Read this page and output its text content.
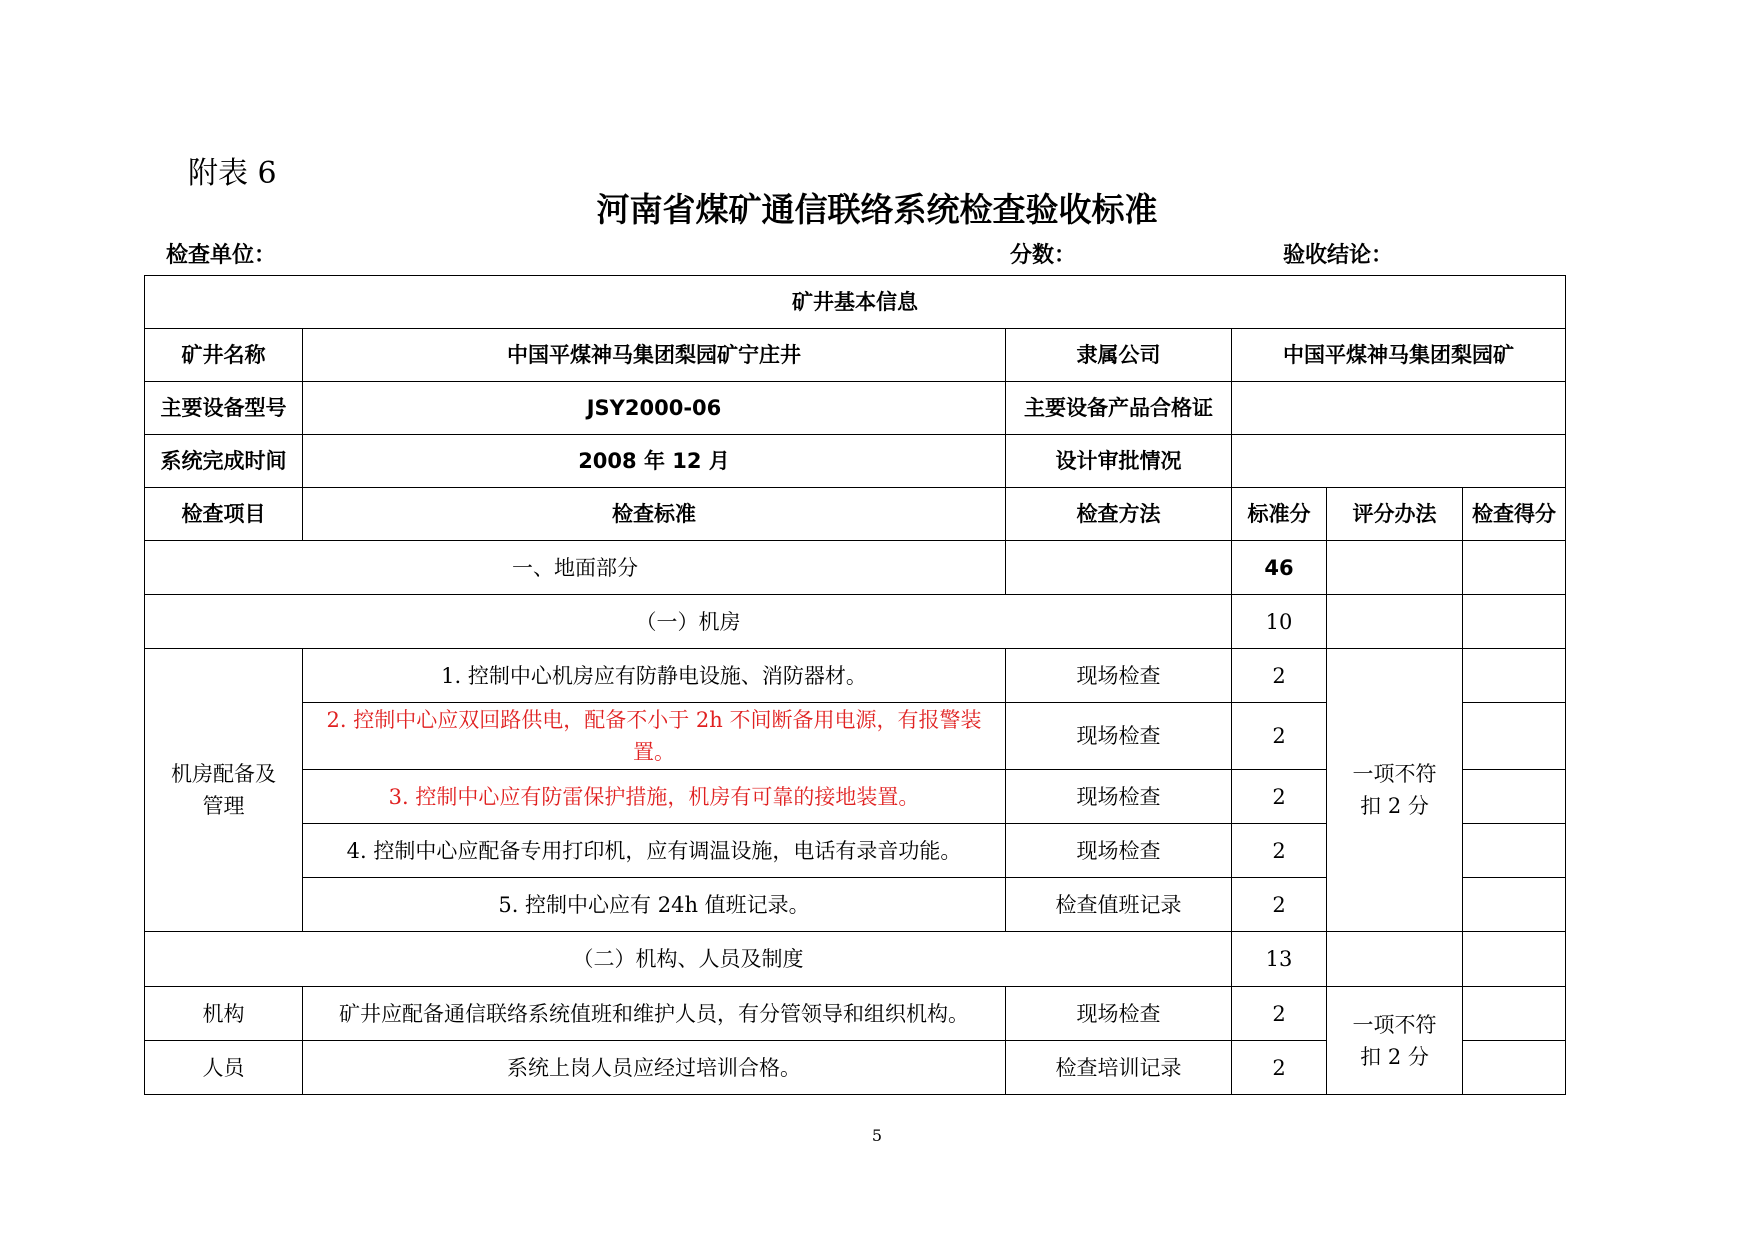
附表 6
河南省煤矿通信联络系统检查验收标准
检查单位：	分数：	验收结论：
矿井基本信息					
矿井名称	中国平煤神马集团梨园矿宁庄井	隶属公司	中国平煤神马集团梨园矿		
主要设备型号	JSY2000-06	主要设备产品合格证			
系统完成时间	2008 年 12 月	设计审批情况			
检查项目	检查标准	检查方法	标准分	评分办法	检查得分
一、地面部分			46		
（一）机房			10		
机房配备及管理	1. 控制中心机房应有防静电设施、消防器材。	现场检查	2	一项不符扣 2 分	
	2. 控制中心应双回路供电，配备不小于 2h 不间断备用电源，有报警装置。	现场检查	2		
	3. 控制中心应有防雷保护措施，机房有可靠的接地装置。	现场检查	2		
	4. 控制中心应配备专用打印机，应有调温设施，电话有录音功能。	现场检查	2		
	5. 控制中心应有 24h 值班记录。	检查值班记录	2		
（二）机构、人员及制度			13		
机构	矿井应配备通信联络系统值班和维护人员，有分管领导和组织机构。	现场检查	2	一项不符扣 2 分	
人员	系统上岗人员应经过培训合格。	检查培训记录	2		
5
